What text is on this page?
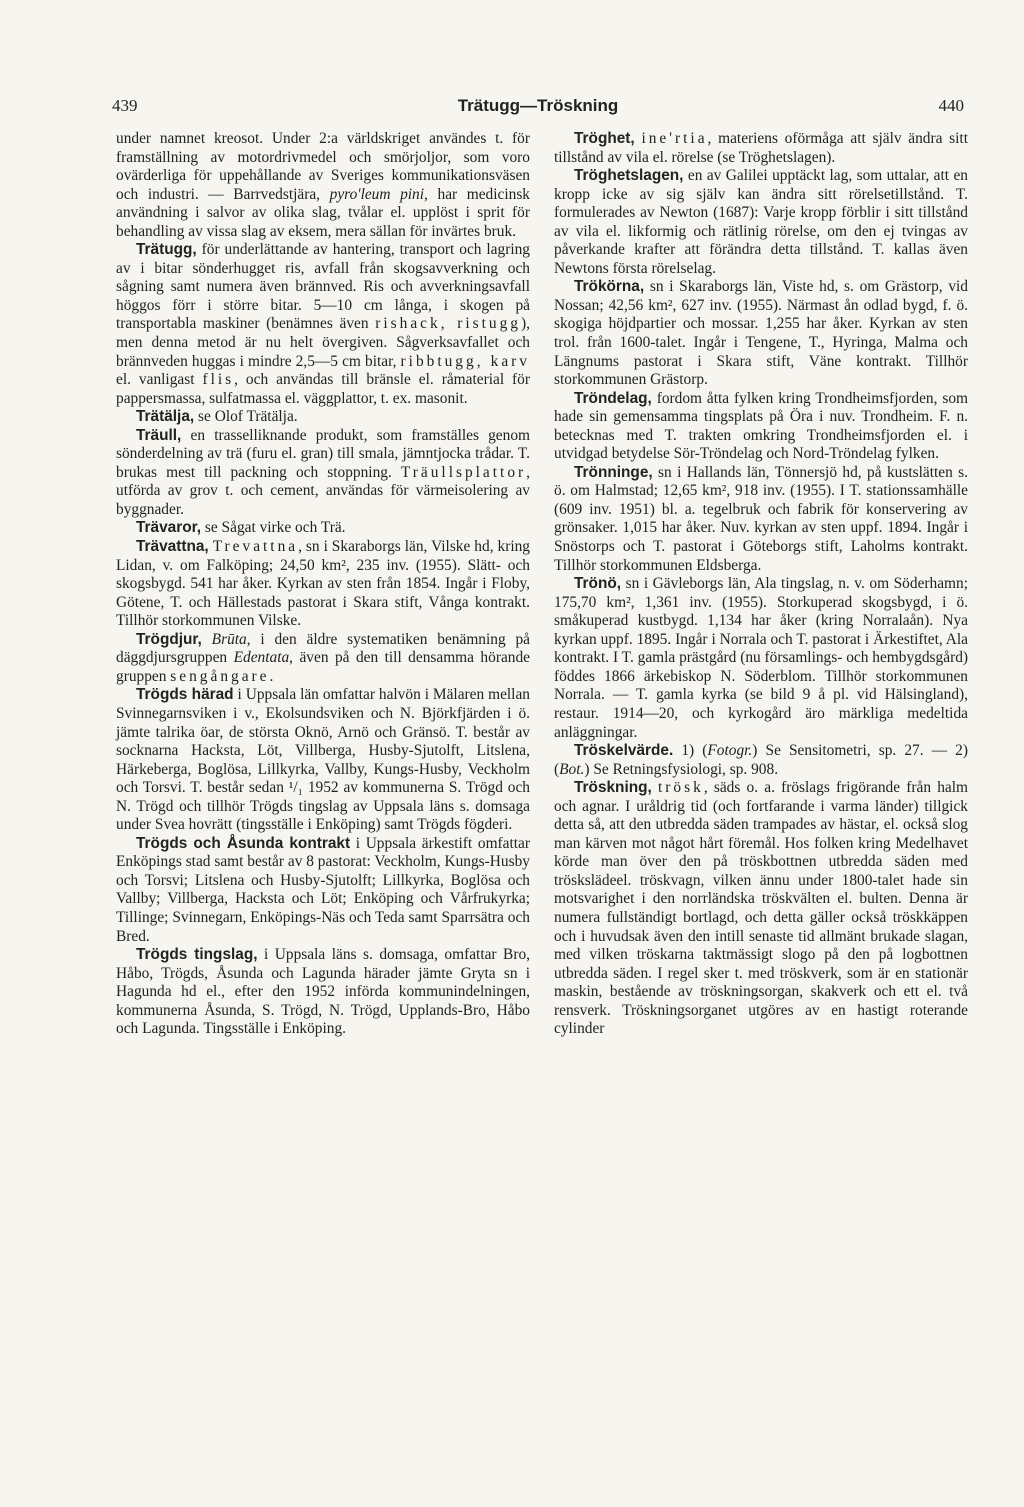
439	Trätugg—Tröskning	440

under namnet kreosot. Under 2:a världskriget användes t. för framställning av motordrivmedel och smörjoljor, som voro ovärderliga för uppehållande av Sveriges kommunikationsväsen och industri. — Barrvedstjära, pyro'leum pini, har medicinsk användning i salvor av olika slag, tvålar el. upplöst i sprit för behandling av vissa slag av eksem, mera sällan för invärtes bruk.

Trätugg, för underlättande av hantering, transport och lagring av i bitar sönderhugget ris, avfall från skogsavverkning och sågning samt numera även brännved. Ris och avverkningsavfall höggos förr i större bitar. 5—10 cm långa, i skogen på transportabla maskiner (benämnes även rishack, ristugg), men denna metod är nu helt övergiven. Sågverksavfallet och brännveden huggas i mindre 2,5—5 cm bitar, ribbtugg, karv el. vanligast flis, och användas till bränsle el. råmaterial för pappersmassa, sulfatmassa el. väggplattor, t. ex. masonit.

Trätälja, se Olof Trätälja.

Träull, en trasselliknande produkt, som framställes genom sönderdelning av trä (furu el. gran) till smala, jämntjocka trådar. T. brukas mest till packning och stoppning. Träullsplattor, utförda av grov t. och cement, användas för värmeisolering av byggnader.

Trävaror, se Sågat virke och Trä.

Trävattna, Trevattna, sn i Skaraborgs län, Vilske hd, kring Lidan, v. om Falköping; 24,50 km², 235 inv. (1955). Slätt- och skogsbygd. 541 har åker. Kyrkan av sten från 1854. Ingår i Floby, Götene, T. och Hällestads pastorat i Skara stift, Vånga kontrakt. Tillhör storkommunen Vilske.

Trögdjur, Brūta, i den äldre systematiken benämning på däggdjursgruppen Edentata, även på den till densamma hörande gruppen sengångare.

Trögds härad i Uppsala län omfattar halvön i Mälaren mellan Svinnegarnsviken i v., Ekolsundsviken och N. Björkfjärden i ö. jämte talrika öar, de största Oknö, Arnö och Gränsö. T. består av socknarna Hacksta, Löt, Villberga, Husby-Sjutolft, Litslena, Härkeberga, Boglösa, Lillkyrka, Vallby, Kungs-Husby, Veckholm och Torsvi. T. består sedan ¹/₁ 1952 av kommunerna S. Trögd och N. Trögd och tillhör Trögds tingslag av Uppsala läns s. domsaga under Svea hovrätt (tingsställe i Enköping) samt Trögds fögderi.

Trögds och Åsunda kontrakt i Uppsala ärkestift omfattar Enköpings stad samt består av 8 pastorat: Veckholm, Kungs-Husby och Torsvi; Litslena och Husby-Sjutolft; Lillkyrka, Boglösa och Vallby; Villberga, Hacksta och Löt; Enköping och Vårfrukyrka; Tillinge; Svinnegarn, Enköpings-Näs och Teda samt Sparrsätra och Bred.

Trögds tingslag, i Uppsala läns s. domsaga, omfattar Bro, Håbo, Trögds, Åsunda och Lagunda härader jämte Gryta sn i Hagunda hd el., efter den 1952 införda kommunindelningen, kommunerna Åsunda, S. Trögd, N. Trögd, Upplands-Bro, Håbo och Lagunda. Tingsställe i Enköping.

Tröghet, ine'rtia, materiens oförmåga att själv ändra sitt tillstånd av vila el. rörelse (se Tröghetslagen).

Tröghetslagen, en av Galilei upptäckt lag, som uttalar, att en kropp icke av sig själv kan ändra sitt rörelsetillstånd. T. formulerades av Newton (1687): Varje kropp förblir i sitt tillstånd av vila el. likformig och rätlinig rörelse, om den ej tvingas av påverkande krafter att förändra detta tillstånd. T. kallas även Newtons första rörelselag.

Trökörna, sn i Skaraborgs län, Viste hd, s. om Grästorp, vid Nossan; 42,56 km², 627 inv. (1955). Närmast ån odlad bygd, f. ö. skogiga höjdpartier och mossar. 1,255 har åker. Kyrkan av sten trol. från 1600-talet. Ingår i Tengene, T., Hyringa, Malma och Längnums pastorat i Skara stift, Väne kontrakt. Tillhör storkommunen Grästorp.

Tröndelag, fordom åtta fylken kring Trondheimsfjorden, som hade sin gemensamma tingsplats på Öra i nuv. Trondheim. F. n. betecknas med T. trakten omkring Trondheimsfjorden el. i utvidgad betydelse Sör-Tröndelag och Nord-Tröndelag fylken.

Trönninge, sn i Hallands län, Tönnersjö hd, på kustslätten s. ö. om Halmstad; 12,65 km², 918 inv. (1955). I T. stationssamhälle (609 inv. 1951) bl. a. tegelbruk och fabrik för konservering av grönsaker. 1,015 har åker. Nuv. kyrkan av sten uppf. 1894. Ingår i Snöstorps och T. pastorat i Göteborgs stift, Laholms kontrakt. Tillhör storkommunen Eldsberga.

Trönö, sn i Gävleborgs län, Ala tingslag, n. v. om Söderhamn; 175,70 km², 1,361 inv. (1955). Storkuperad skogsbygd, i ö. småkuperad kustbygd. 1,134 har åker (kring Norralaån). Nya kyrkan uppf. 1895. Ingår i Norrala och T. pastorat i Ärkestiftet, Ala kontrakt. I T. gamla prästgård (nu församlings- och hembygdsgård) föddes 1866 ärkebiskop N. Söderblom. Tillhör storkommunen Norrala. — T. gamla kyrka (se bild 9 å pl. vid Hälsingland), restaur. 1914—20, och kyrkogård äro märkliga medeltida anläggningar.

Tröskelvärde. 1) (Fotogr.) Se Sensitometri, sp. 27. — 2) (Bot.) Se Retningsfysiologi, sp. 908.

Tröskning, trösk, säds o. a. fröslags frigörande från halm och agnar. I uråldrig tid (och fortfarande i varma länder) tillgick detta så, att den utbredda säden trampades av hästar, el. också slog man kärven mot något hårt föremål. Hos folken kring Medelhavet körde man över den på tröskbottnen utbredda säden med tröskslädeel. tröskvagn, vilken ännu under 1800-talet hade sin motsvarighet i den norrländska tröskvälten el. bulten. Denna är numera fullständigt bortlagd, och detta gäller också tröskkäppen och i huvudsak även den intill senaste tid allmänt brukade slagan, med vilken tröskarna taktmässigt slogo på den på logbottnen utbredda säden. I regel sker t. med tröskverk, som är en stationär maskin, bestående av tröskningsorgan, skakverk och ett el. två rensverk. Tröskningsorganet utgöres av en hastigt roterande cylinder
